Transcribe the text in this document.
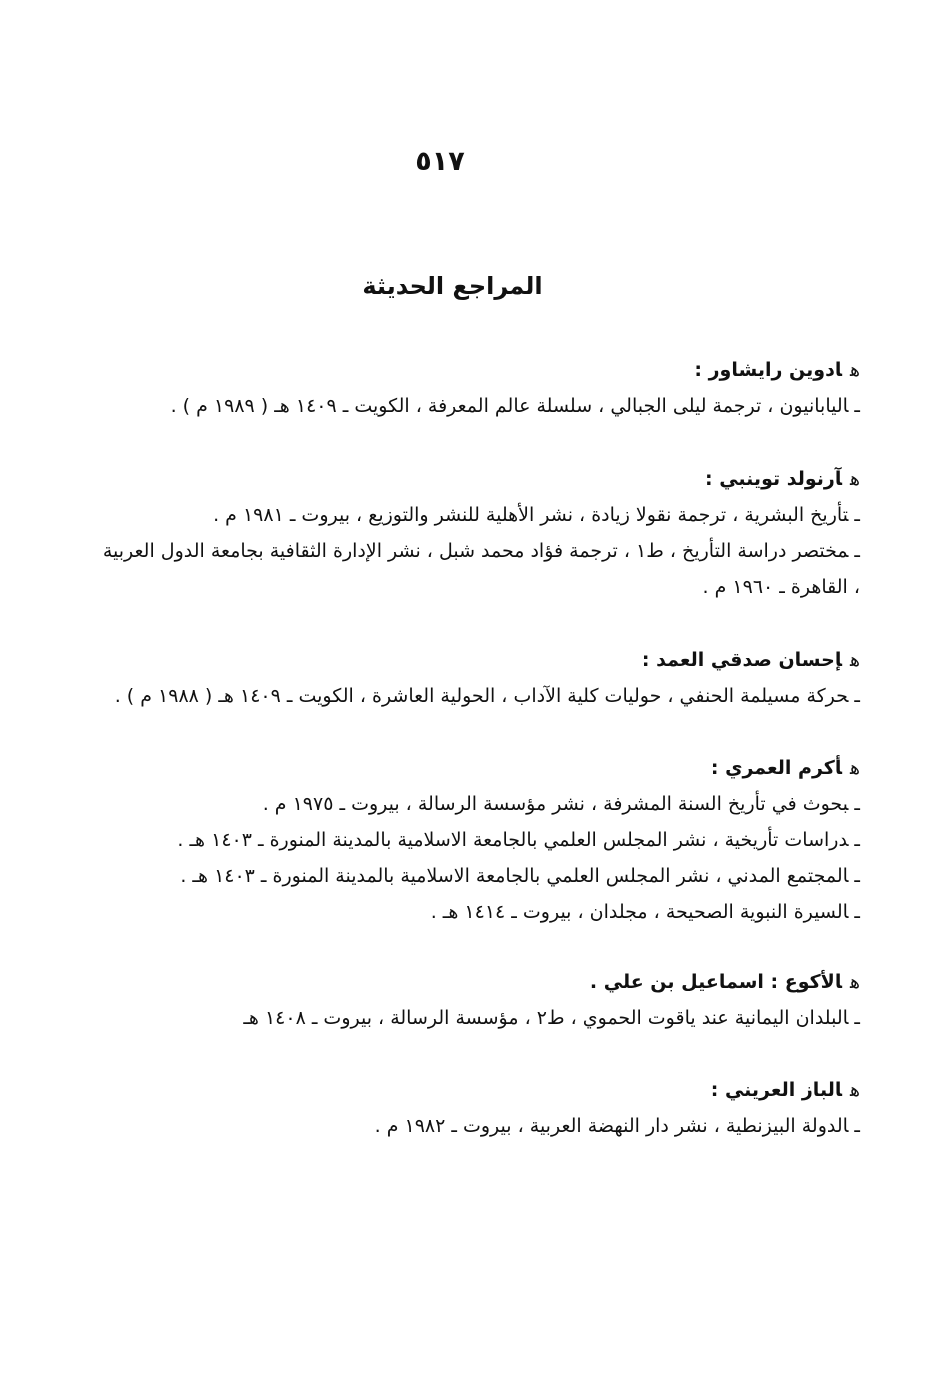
٥١٧
المراجع الحديثة
هادوين رايشاور :
ـاليابانيون ، ترجمة ليلى الجبالي ، سلسلة عالم المعرفة ، الكويت ـ ١٤٠٩ هـ ( ١٩٨٩ م ) .
هآرنولد توينبي :
ـتأريخ البشرية ، ترجمة نقولا زيادة ، نشر الأهلية للنشر والتوزيع ، بيروت ـ ١٩٨١ م .
ـمختصر دراسة التأريخ ، ط١ ، ترجمة فؤاد محمد شبل ، نشر الإدارة الثقافية بجامعة الدول العربية ، القاهرة ـ ١٩٦٠ م .
هإحسان صدقي العمد :
ـحركة مسيلمة الحنفي ، حوليات كلية الآداب ، الحولية العاشرة ، الكويت ـ ١٤٠٩ هـ ( ١٩٨٨ م ) .
هأكرم العمري :
ـبحوث في تأريخ السنة المشرفة ، نشر مؤسسة الرسالة ، بيروت ـ ١٩٧٥ م .
ـدراسات تأريخية ، نشر المجلس العلمي بالجامعة الاسلامية بالمدينة المنورة ـ ١٤٠٣ هـ .
ـالمجتمع المدني ، نشر المجلس العلمي بالجامعة الاسلامية بالمدينة المنورة ـ ١٤٠٣ هـ .
ـالسيرة النبوية الصحيحة ، مجلدان ، بيروت ـ ١٤١٤ هـ .
هالأكوع : اسماعيل بن علي .
ـالبلدان اليمانية عند ياقوت الحموي ، ط٢ ، مؤسسة الرسالة ، بيروت ـ ١٤٠٨ هـ
هالباز العريني :
ـالدولة البيزنطية ، نشر دار النهضة العربية ، بيروت ـ ١٩٨٢ م .
